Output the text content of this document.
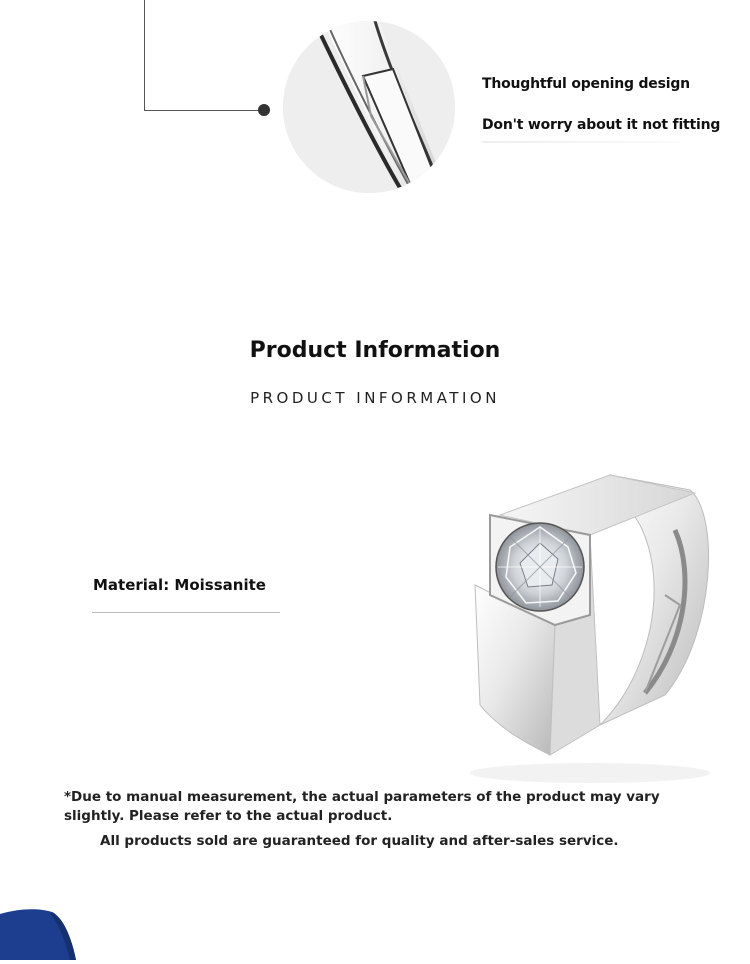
Thoughtful opening design
Don't worry about it not fitting
Product Information
PRODUCT INFORMATION
Material: Moissanite
*Due to manual measurement, the actual parameters of the product may vary slightly. Please refer to the actual product.
All products sold are guaranteed for quality and after-sales service.
